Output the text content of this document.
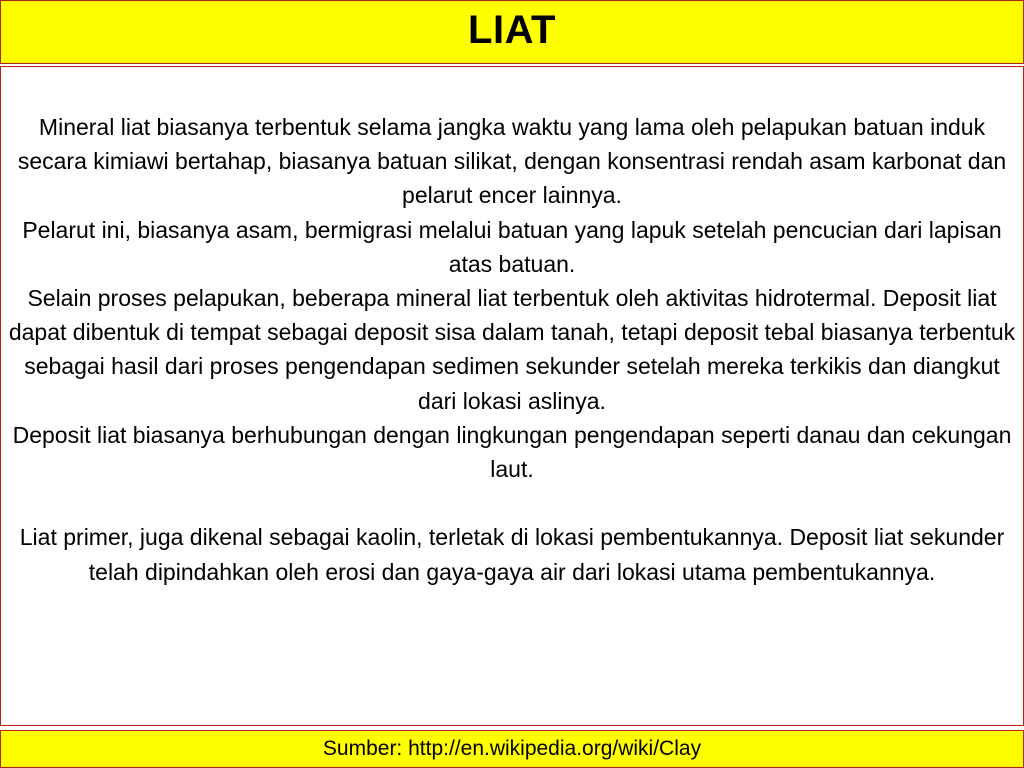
LIAT

Mineral liat biasanya terbentuk selama jangka waktu yang lama oleh pelapukan batuan induk secara kimiawi bertahap, biasanya batuan silikat, dengan konsentrasi rendah asam karbonat dan pelarut encer lainnya.

Pelarut ini, biasanya asam, bermigrasi melalui batuan yang lapuk setelah pencucian dari lapisan atas batuan.

Selain proses pelapukan, beberapa mineral liat terbentuk oleh aktivitas hidrotermal. Deposit liat dapat dibentuk di tempat sebagai deposit sisa dalam tanah, tetapi deposit tebal biasanya terbentuk sebagai hasil dari proses pengendapan sedimen sekunder setelah mereka terkikis dan diangkut dari lokasi aslinya.

Deposit liat biasanya berhubungan dengan lingkungan pengendapan seperti danau dan cekungan laut.

Liat primer, juga dikenal sebagai kaolin, terletak di lokasi pembentukannya. Deposit liat sekunder telah dipindahkan oleh erosi dan gaya-gaya air dari lokasi utama pembentukannya.

Sumber: http://en.wikipedia.org/wiki/Clay
